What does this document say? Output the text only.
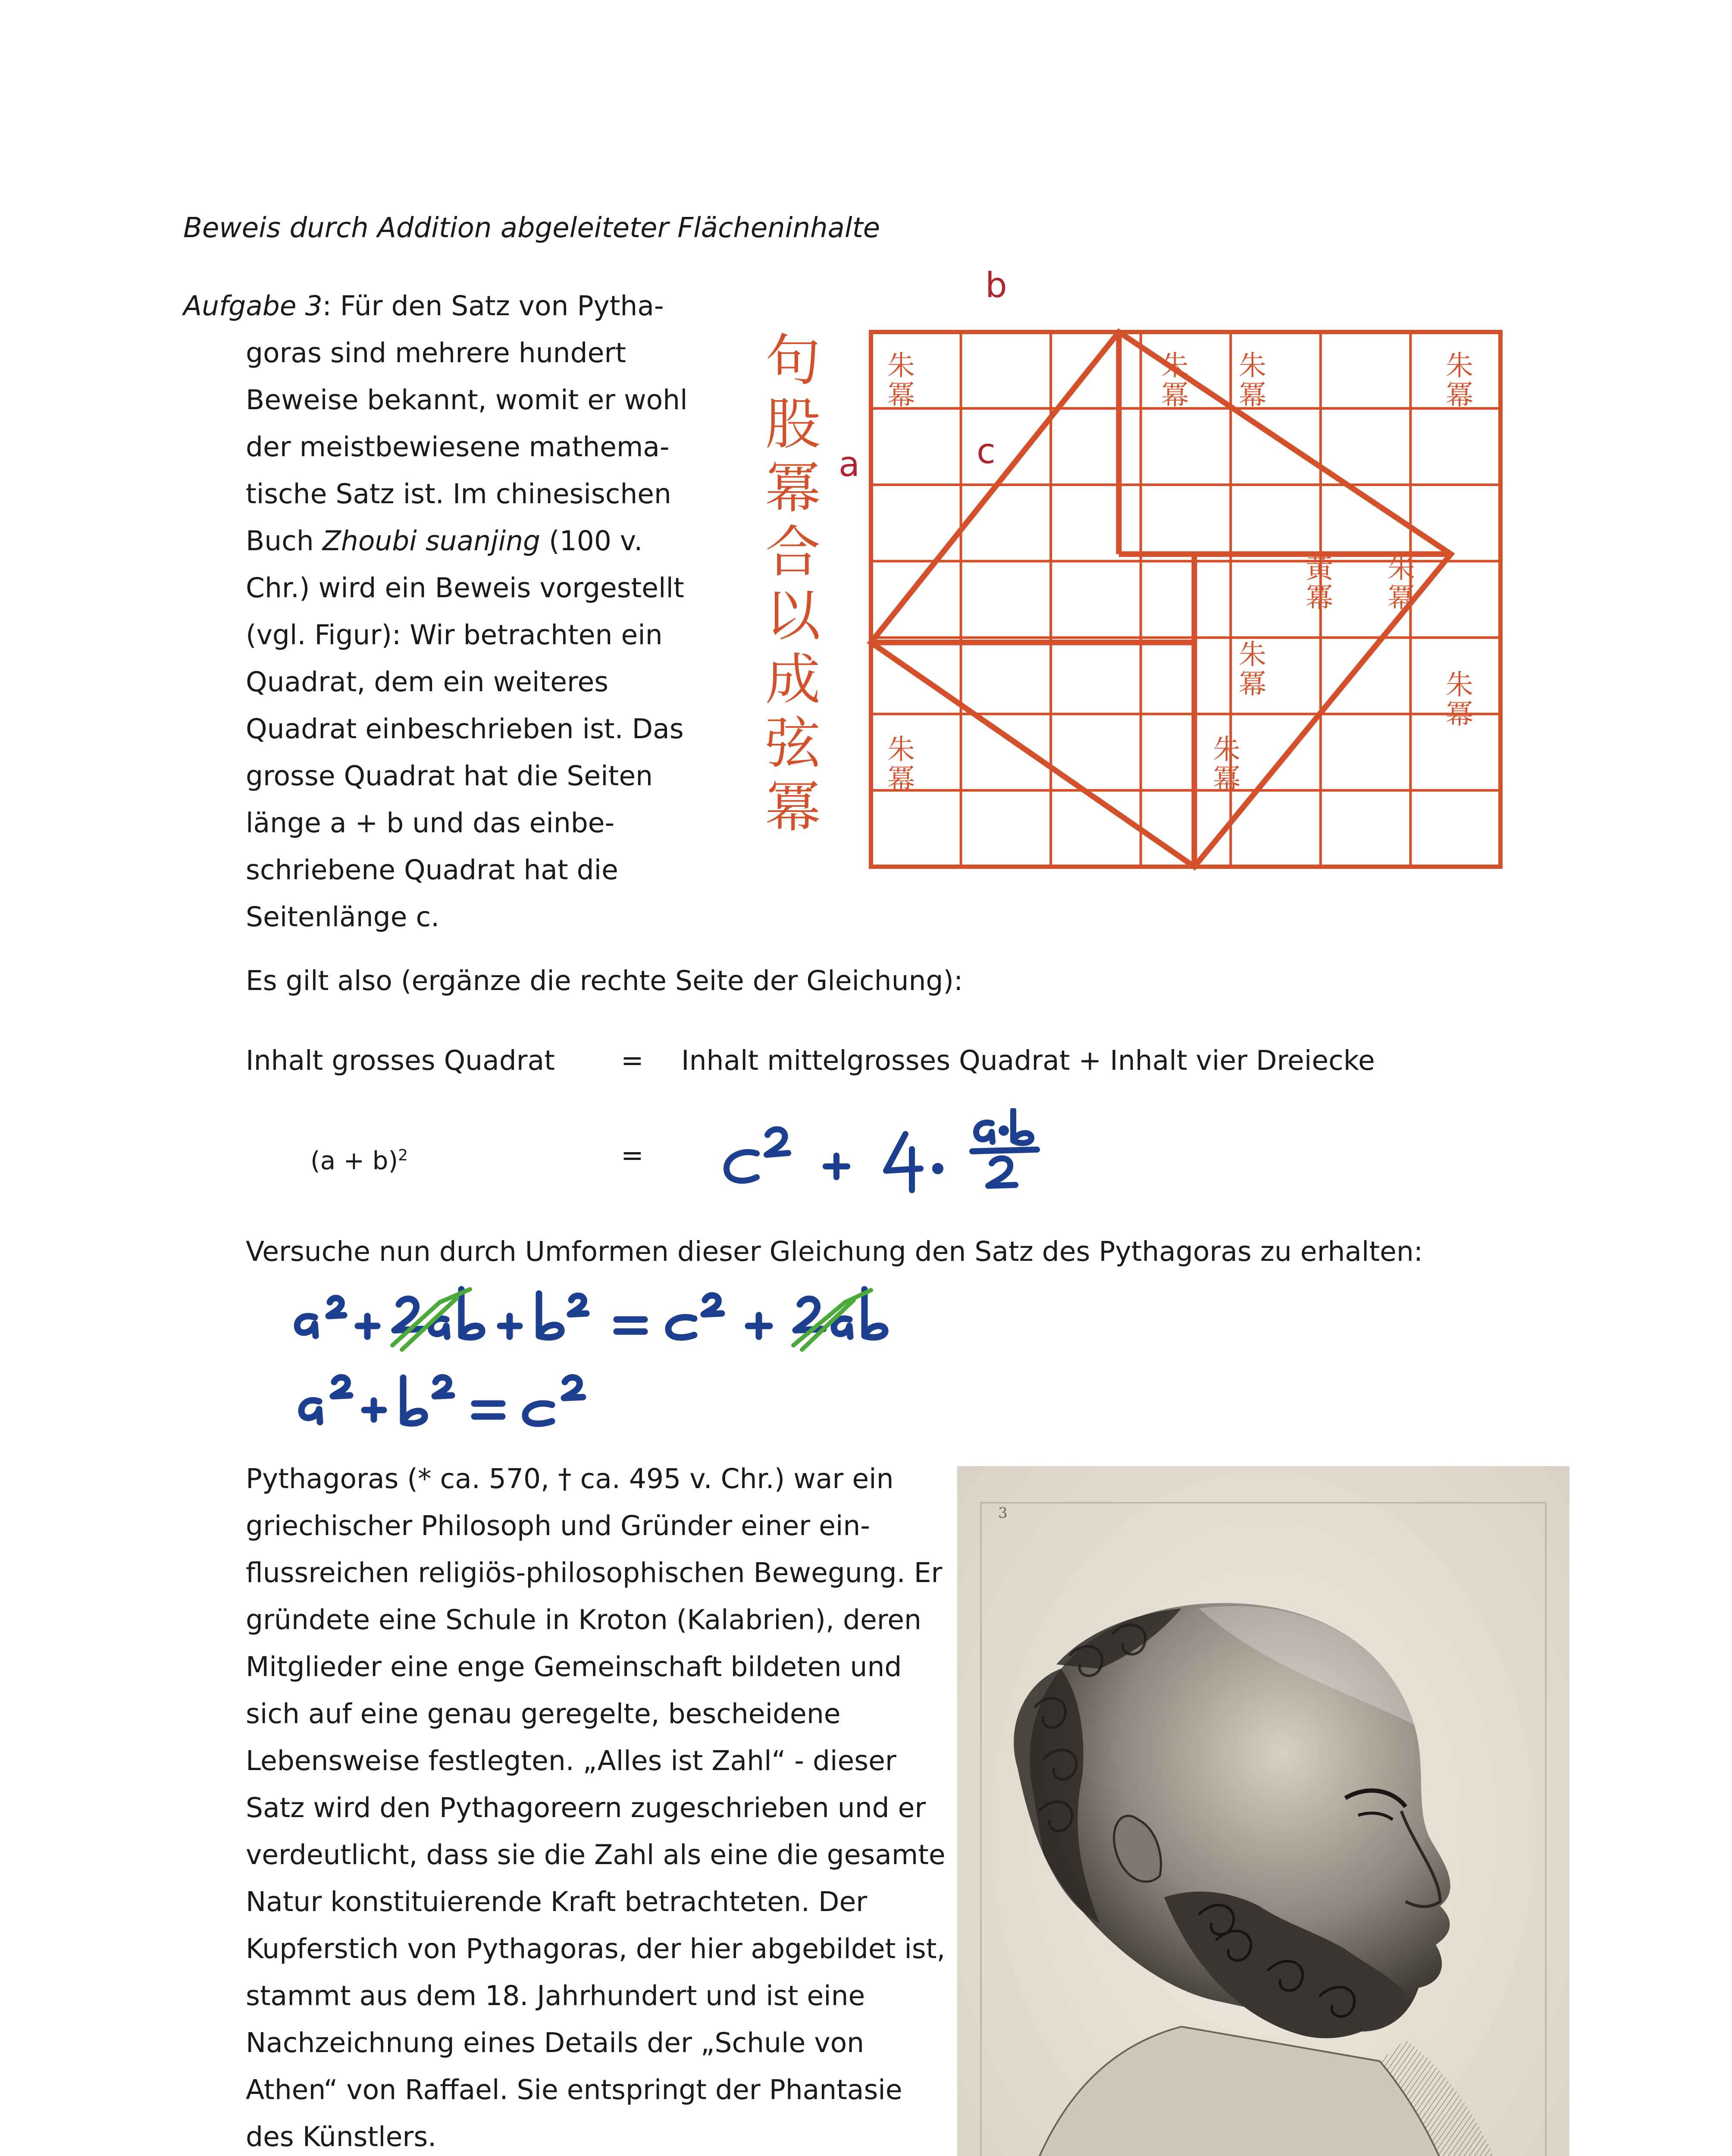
Beweis durch Addition abgeleiteter Flächeninhalte
Aufgabe 3: Für den Satz von Pytha-
goras sind mehrere hundert
Beweise bekannt, womit er wohl
der meistbewiesene mathema-
tische Satz ist. Im chinesischen
Buch Zhoubi suanjing (100 v.
Chr.) wird ein Beweis vorgestellt
(vgl. Figur): Wir betrachten ein
Quadrat, dem ein weiteres
Quadrat einbeschrieben ist. Das
grosse Quadrat hat die Seiten
länge a + b und das einbe-
schriebene Quadrat hat die
Seitenlänge c.
b
a	c
句股冪合以成弦冪
朱
冪
朱
冪
朱
冪
朱
冪
朱
冪
黃
冪
朱
冪
朱
冪	朱
冪
朱
冪
Es gilt also (ergänze die rechte Seite der Gleichung):
Inhalt grosses Quadrat = Inhalt mittelgrosses Quadrat + Inhalt vier Dreiecke
$(a + b)^2$	=
Versuche nun durch Umformen dieser Gleichung den Satz des Pythagoras zu erhalten:
Pythagoras (* ca. 570, † ca. 495 v. Chr.) war ein
griechischer Philosoph und Gründer einer ein-
flussreichen religiös-philosophischen Bewegung. Er
gründete eine Schule in Kroton (Kalabrien), deren
Mitglieder eine enge Gemeinschaft bildeten und
sich auf eine genau geregelte, bescheidene
Lebensweise festlegten. „Alles ist Zahl“ - dieser
Satz wird den Pythagoreern zugeschrieben und er
verdeutlicht, dass sie die Zahl als eine die gesamte
Natur konstituierende Kraft betrachteten. Der
Kupferstich von Pythagoras, der hier abgebildet ist,
stammt aus dem 18. Jahrhundert und ist eine
Nachzeichnung eines Details der „Schule von
Athen“ von Raffael. Sie entspringt der Phantasie
des Künstlers.
3
